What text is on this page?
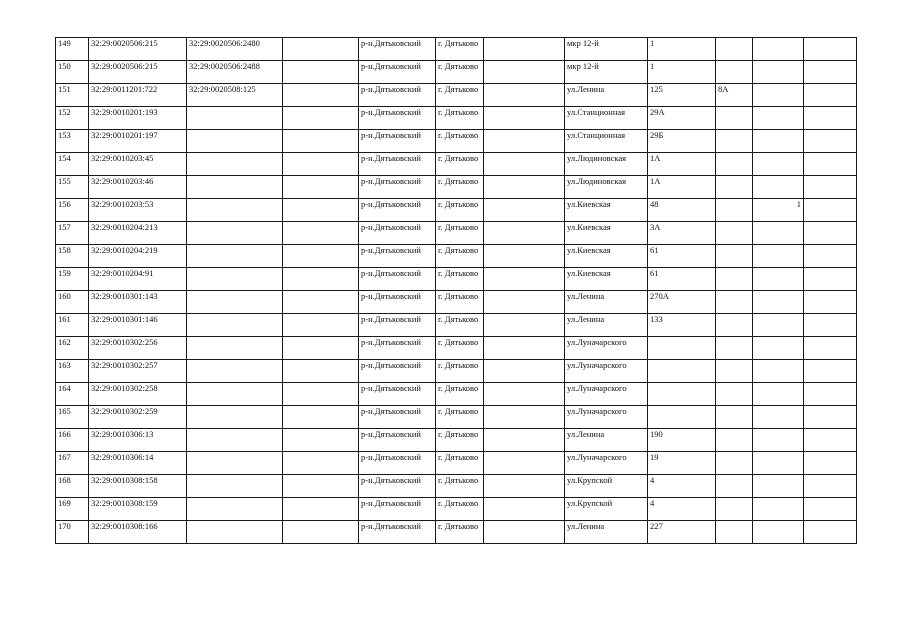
149	32:29:0020506:215	32:29:0020506:2480		р-н.Дятьковский	г. Дятьково		мкр 12-й	1			
150	32:29:0020506:215	32:29:0020506:2488		р-н.Дятьковский	г. Дятьково		мкр 12-й	1			
151	32:29:0011201:722	32:29:0020508:125		р-н.Дятьковский	г. Дятьково		ул.Ленина	125	8А		
152	32:29:0010201:193			р-н.Дятьковский	г. Дятьково		ул.Станционная	29А			
153	32:29:0010201:197			р-н.Дятьковский	г. Дятьково		ул.Станционная	29Б			
154	32:29:0010203:45			р-н.Дятьковский	г. Дятьково		ул.Людиновская	1А			
155	32:29:0010203:46			р-н.Дятьковский	г. Дятьково		ул.Людиновская	1А			
156	32:29:0010203:53			р-н.Дятьковский	г. Дятьково		ул.Киевская	48		1	
157	32:29:0010204:213			р-н.Дятьковский	г. Дятьково		ул.Киевская	3А			
158	32:29:0010204:219			р-н.Дятьковский	г. Дятьково		ул.Киевская	61			
159	32:29:0010204:91			р-н.Дятьковский	г. Дятьково		ул.Киевская	61			
160	32:29:0010301:143			р-н.Дятьковский	г. Дятьково		ул.Ленина	270А			
161	32:29:0010301:146			р-н.Дятьковский	г. Дятьково		ул.Ленина	133			
162	32:29:0010302:256			р-н.Дятьковский	г. Дятьково		ул.Луначарского				
163	32:29:0010302:257			р-н.Дятьковский	г. Дятьково		ул.Луначарского				
164	32:29:0010302:258			р-н.Дятьковский	г. Дятьково		ул.Луначарского				
165	32:29:0010302:259			р-н.Дятьковский	г. Дятьково		ул.Луначарского				
166	32:29:0010306:13			р-н.Дятьковский	г. Дятьково		ул.Ленина	190			
167	32:29:0010306:14			р-н.Дятьковский	г. Дятьково		ул.Луначарского	19			
168	32:29:0010308:158			р-н.Дятьковский	г. Дятьково		ул.Крупской	4			
169	32:29:0010308:159			р-н.Дятьковский	г. Дятьково		ул.Крупской	4			
170	32:29:0010308:166			р-н.Дятьковский	г. Дятьково		ул.Ленина	227			
